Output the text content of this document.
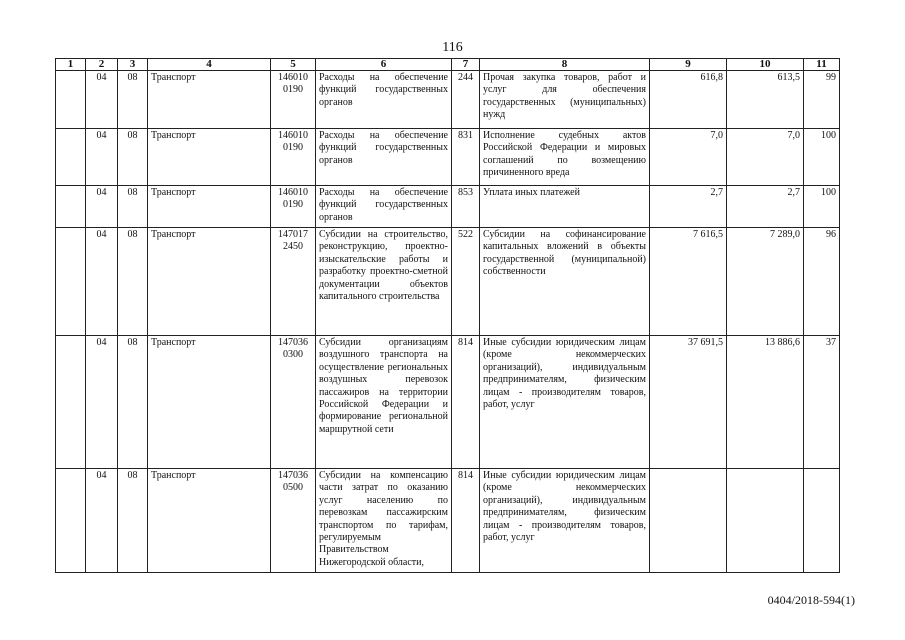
116
1	2	3	4	5	6	7	8	9	10	11
	04	08	Транспорт	146010 0190	Расходы на обеспечение функций государственных органов	244	Прочая закупка товаров, работ и услуг для обеспечения государственных (муниципальных) нужд	616,8	613,5	99
	04	08	Транспорт	146010 0190	Расходы на обеспечение функций государственных органов	831	Исполнение судебных актов Российской Федерации и мировых соглашений по возмещению причиненного вреда	7,0	7,0	100
	04	08	Транспорт	146010 0190	Расходы на обеспечение функций государственных органов	853	Уплата иных платежей	2,7	2,7	100
	04	08	Транспорт	147017 2450	Субсидии на строительство, реконструкцию, проектно-изыскательские работы и разработку проектно-сметной документации объектов капитального строительства	522	Субсидии на софинансирование капитальных вложений в объекты государственной (муниципальной) собственности	7 616,5	7 289,0	96
	04	08	Транспорт	147036 0300	Субсидии организациям воздушного транспорта на осуществление региональных воздушных перевозок пассажиров на территории Российской Федерации и формирование региональной маршрутной сети	814	Иные субсидии юридическим лицам (кроме некоммерческих организаций), индивидуальным предпринимателям, физическим лицам - производителям товаров, работ, услуг	37 691,5	13 886,6	37
	04	08	Транспорт	147036 0500	Субсидии на компенсацию части затрат по оказанию услуг населению по перевозкам пассажирским транспортом по тарифам, регулируемым Правительством Нижегородской области,	814	Иные субсидии юридическим лицам (кроме некоммерческих организаций), индивидуальным предпринимателям, физическим лицам - производителям товаров, работ, услуг			
0404/2018-594(1)
